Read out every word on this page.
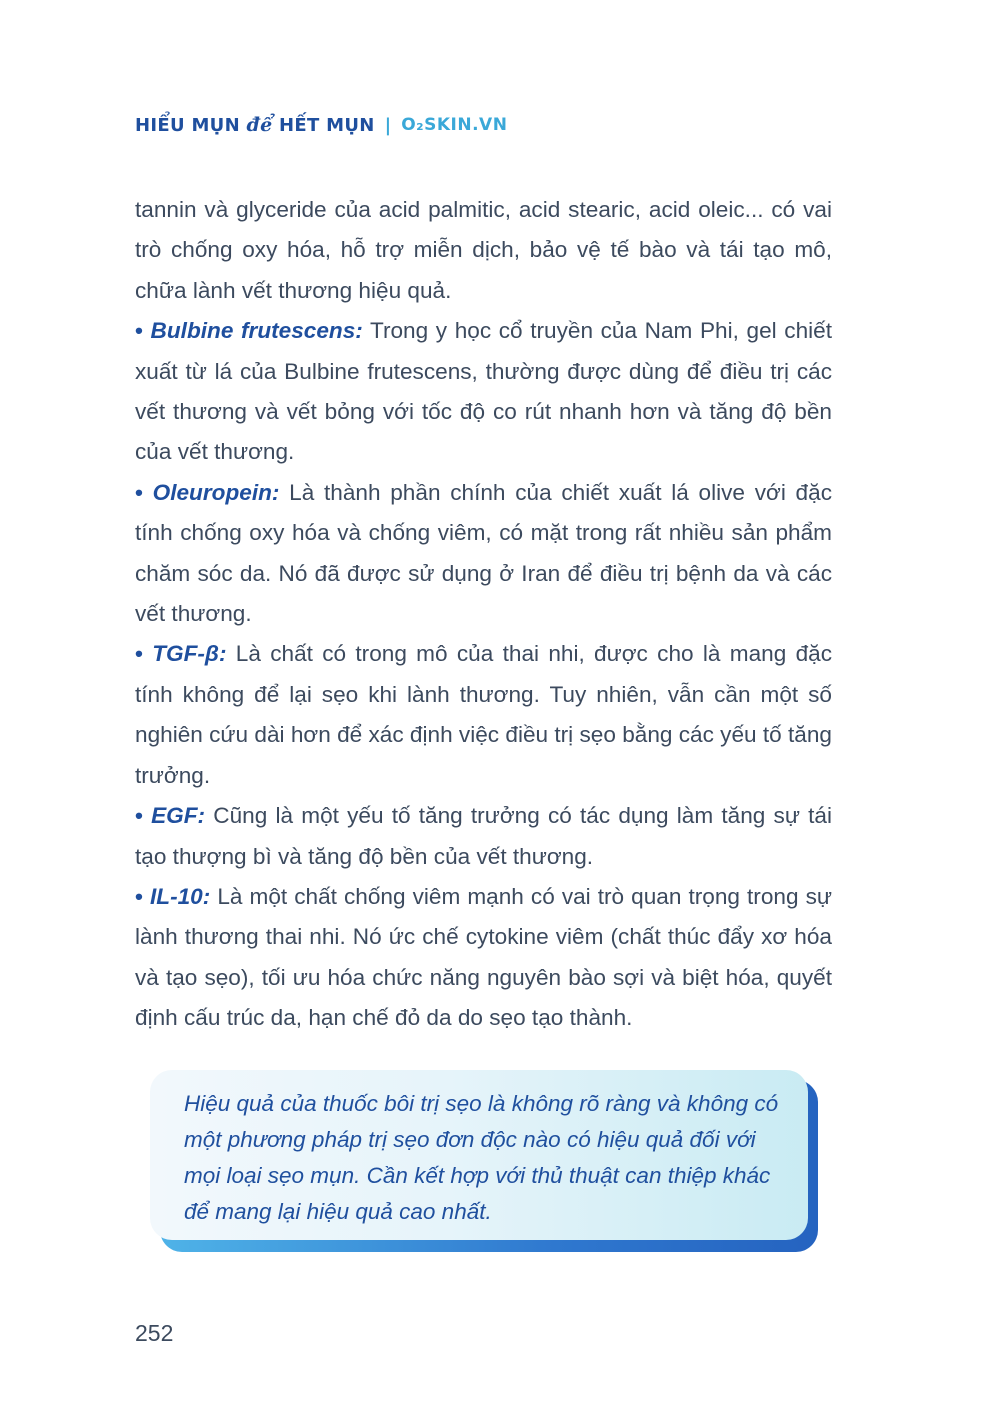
HIỂU MỤN để HẾT MỤN | O₂SKIN.VN

tannin và glyceride của acid palmitic, acid stearic, acid oleic... có vai trò chống oxy hóa, hỗ trợ miễn dịch, bảo vệ tế bào và tái tạo mô, chữa lành vết thương hiệu quả.

• Bulbine frutescens: Trong y học cổ truyền của Nam Phi, gel chiết xuất từ lá của Bulbine frutescens, thường được dùng để điều trị các vết thương và vết bỏng với tốc độ co rút nhanh hơn và tăng độ bền của vết thương.

• Oleuropein: Là thành phần chính của chiết xuất lá olive với đặc tính chống oxy hóa và chống viêm, có mặt trong rất nhiều sản phẩm chăm sóc da. Nó đã được sử dụng ở Iran để điều trị bệnh da và các vết thương.

• TGF-β: Là chất có trong mô của thai nhi, được cho là mang đặc tính không để lại sẹo khi lành thương. Tuy nhiên, vẫn cần một số nghiên cứu dài hơn để xác định việc điều trị sẹo bằng các yếu tố tăng trưởng.

• EGF: Cũng là một yếu tố tăng trưởng có tác dụng làm tăng sự tái tạo thượng bì và tăng độ bền của vết thương.

• IL-10: Là một chất chống viêm mạnh có vai trò quan trọng trong sự lành thương thai nhi. Nó ức chế cytokine viêm (chất thúc đẩy xơ hóa và tạo sẹo), tối ưu hóa chức năng nguyên bào sợi và biệt hóa, quyết định cấu trúc da, hạn chế đỏ da do sẹo tạo thành.

Hiệu quả của thuốc bôi trị sẹo là không rõ ràng và không có một phương pháp trị sẹo đơn độc nào có hiệu quả đối với mọi loại sẹo mụn. Cần kết hợp với thủ thuật can thiệp khác để mang lại hiệu quả cao nhất.

252
